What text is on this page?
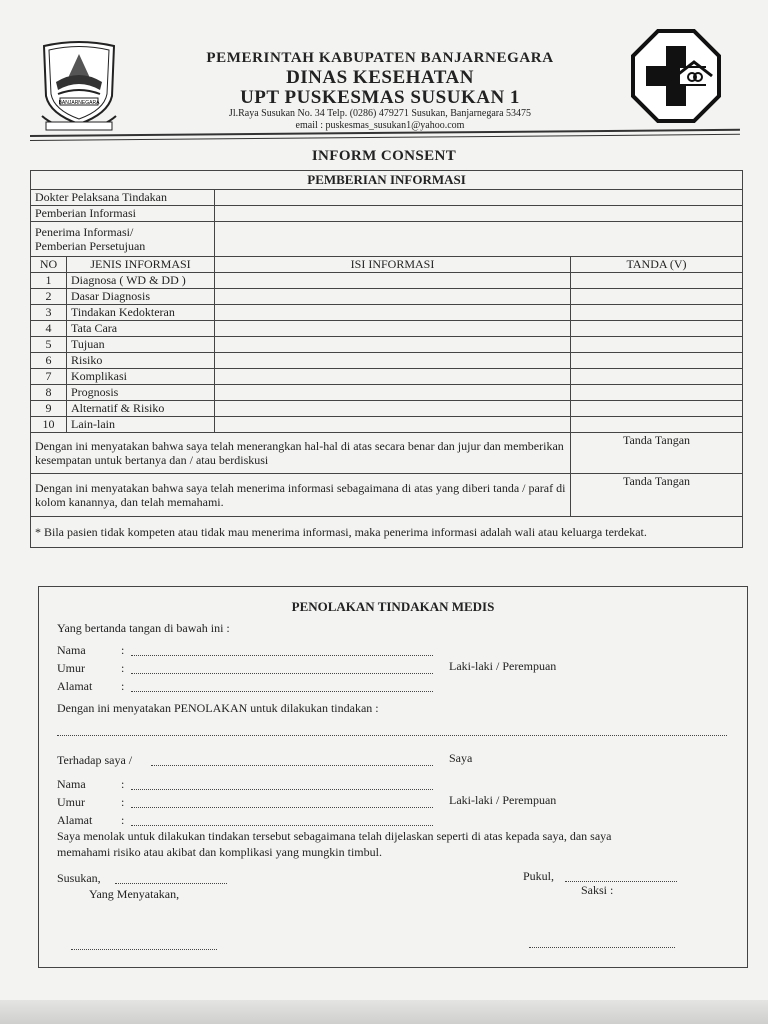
BANJARNEGARA
PEMERINTAH KABUPATEN BANJARNEGARA
DINAS KESEHATAN
UPT PUSKESMAS SUSUKAN 1
Jl.Raya Susukan No. 34 Telp. (0286) 479271 Susukan, Banjarnegara 53475
email : puskesmas_susukan1@yahoo.com
INFORM CONSENT
PEMBERIAN INFORMASI			
Dokter Pelaksana Tindakan			
Pemberian Informasi			

Penerima Informasi/
Pemberian Persetujuan			

NO	JENIS INFORMASI	ISI INFORMASI	TANDA (V)
1	Diagnosa ( WD & DD )		
2	Dasar Diagnosis		
3	Tindakan Kedokteran		
4	Tata Cara		
5	Tujuan		
6	Risiko		
7	Komplikasi		
8	Prognosis		
9	Alternatif & Risiko		
10	Lain-lain		
Dengan ini menyatakan bahwa saya telah menerangkan hal-hal di atas secara benar dan jujur dan memberikan kesempatan untuk bertanya dan / atau berdiskusi			Tanda Tangan
Dengan ini menyatakan bahwa saya telah menerima informasi sebagaimana di atas yang diberi tanda / paraf di kolom kanannya, dan telah memahami.			Tanda Tangan
* Bila pasien tidak kompeten atau tidak mau menerima informasi, maka penerima informasi adalah wali atau keluarga terdekat.			
PENOLAKAN TINDAKAN MEDIS
Yang bertanda tangan di bawah ini :
Nama	:
Umur	:	Laki-laki / Perempuan
Alamat :
Dengan ini menyatakan PENOLAKAN untuk dilakukan tindakan :
Terhadap saya /	Saya
Nama	:
Umur	:	Laki-laki / Perempuan
Alamat :
Saya menolak untuk dilakukan tindakan tersebut sebagaimana telah dijelaskan seperti di atas kepada saya, dan saya
memahami risiko atau akibat dan komplikasi yang mungkin timbul.
Susukan,	Pukul,
Yang Menyatakan,	Saksi :
